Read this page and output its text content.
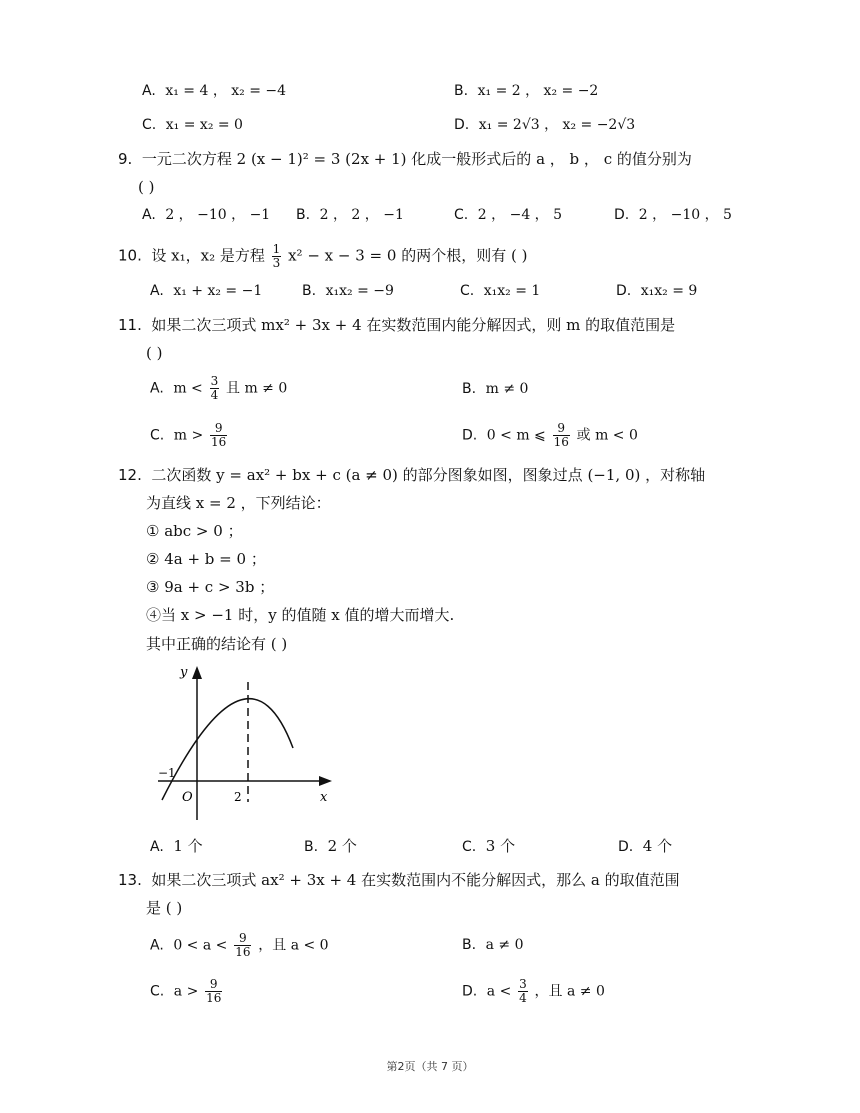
A. x₁ = 4 ， x₂ = −4	B. x₁ = 2 ， x₂ = −2
C. x₁ = x₂ = 0	D. x₁ = 2√3 ， x₂ = −2√3
9. 一元二次方程 2 (x − 1)² = 3 (2x + 1) 化成一般形式后的 a ， b ， c 的值分别为
( )
A. 2 ， −10 ， −1 B. 2 ， 2 ， −1	C. 2 ， −4 ， 5	D. 2 ， −10 ， 5
10. 设 x₁，x₂ 是方程 $\frac{1}{3} x^2 - x - 3 = 0$ 的两个根，则有 ( )
A. x₁ + x₂ = −1	B. x₁x₂ = −9	C. x₁x₂ = 1	D. x₁x₂ = 9
11. 如果二次三项式 mx² + 3x + 4 在实数范围内能分解因式，则 m 的取值范围是
( )
A. $m < \frac{3}{4}$ 且 m ≠ 0	B. m ≠ 0
C. $m > \frac{9}{16}$	D. 0 < m ⩽ $\frac{9}{16}$ 或 m < 0
12. 二次函数 y = ax² + bx + c (a ≠ 0) 的部分图象如图，图象过点 (−1, 0) ，对称轴
为直线 x = 2 ，下列结论：
① abc > 0 ；
② 4a + b = 0 ；
③ 9a + c > 3b ；
④当 x > −1 时，y 的值随 x 值的增大而增大.
其中正确的结论有 ( )
y
x
O
−1
2
A. 1 个	B. 2 个	C. 3 个	D. 4 个
13. 如果二次三项式 ax² + 3x + 4 在实数范围内不能分解因式，那么 a 的取值范围
是 ( )
A. $0 < a < \frac{9}{16}$ ，且 a < 0	B. a ≠ 0
C. $a > \frac{9}{16}$	D. $a < \frac{3}{4}$ ，且 a ≠ 0
第2页（共 7 页）
